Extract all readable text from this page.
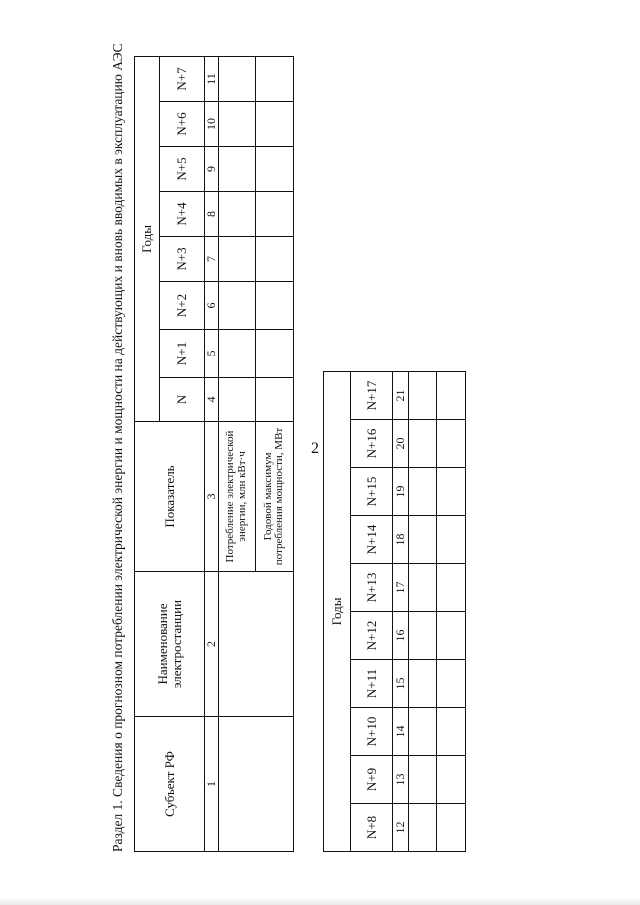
2
Раздел 1. Сведения о прогнозном потреблении электрической энергии и мощности на действующих и вновь вводимых в эксплуатацию АЭС	Субъект РФ	Наименование электростанции	Показатель	Годы							
			N	N+1	N+2	N+3	N+4	N+5	N+6	N+7
1	2	3	4	5	6	7	8	9	10	11
		Потребление электрической энергии, млн кВт·ч								
		Годовой максимум потребления мощности, МВт								
Годы									
N+8	N+9	N+10	N+11	N+12	N+13	N+14	N+15	N+16	N+17
12	13	14	15	16	17	18	19	20	21
